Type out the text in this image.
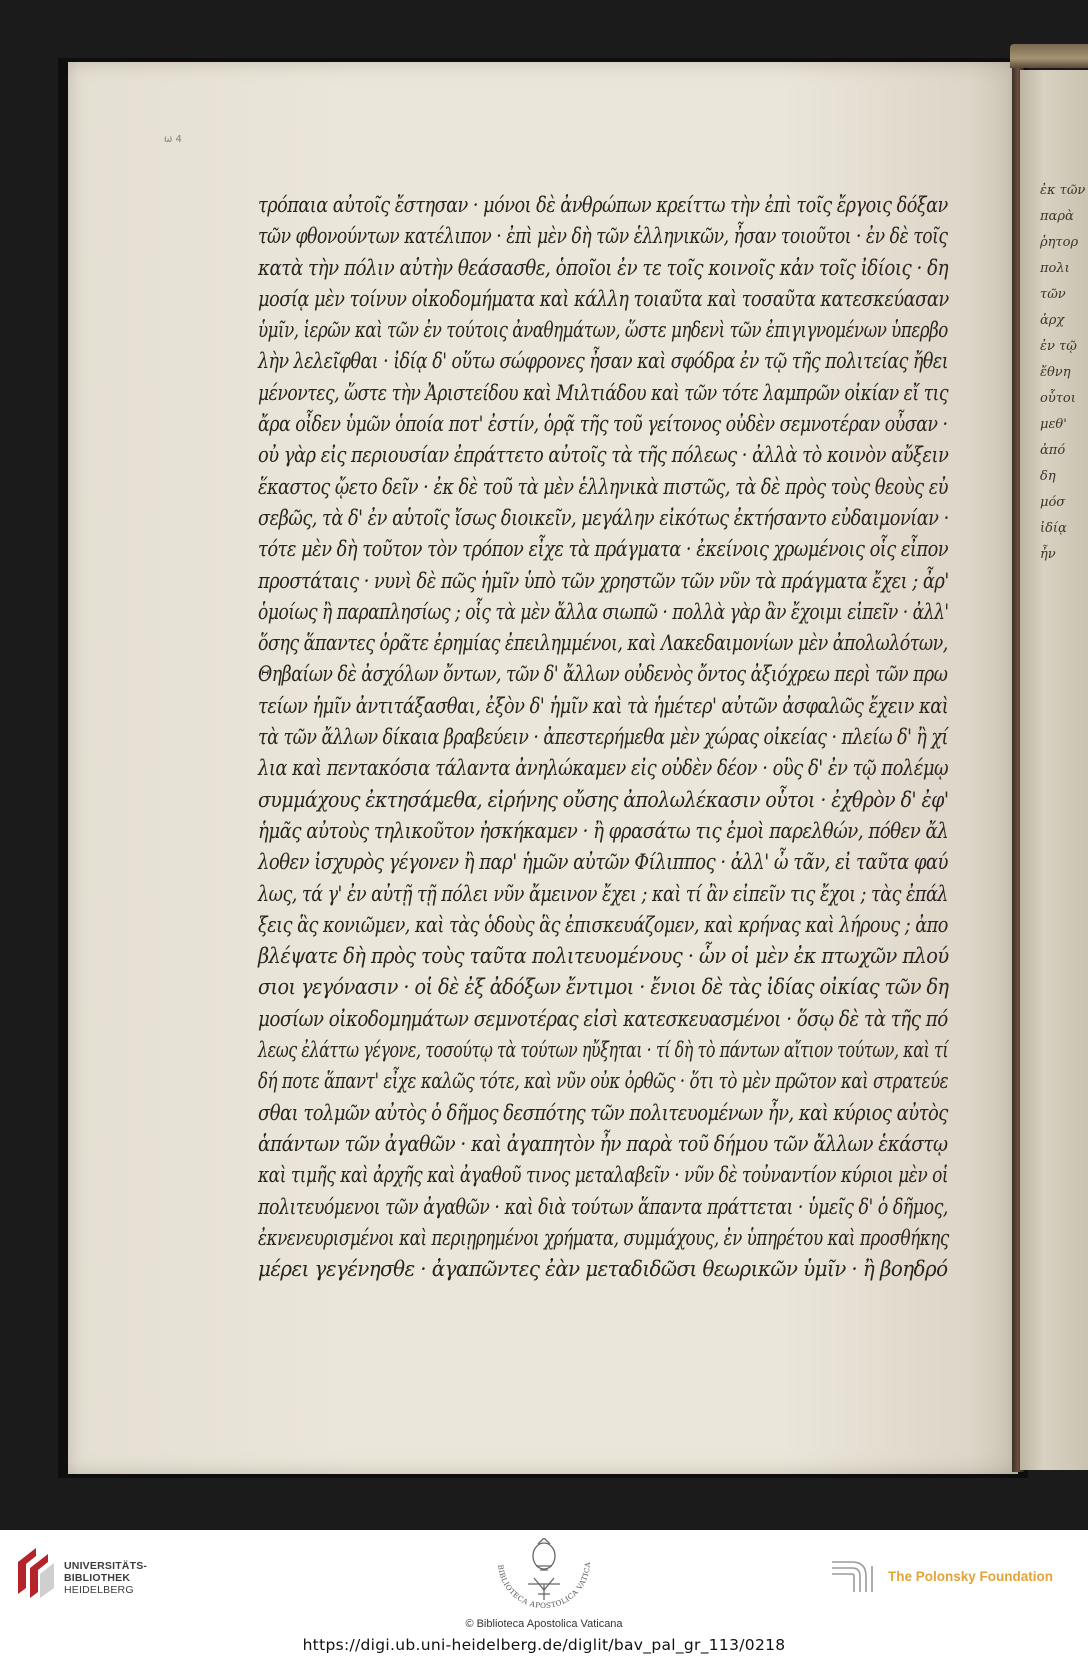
ω 4
ἐκ τῶν
παρὰ
ῥητορ
πολι
τῶν
ἀρχ
ἐν τῷ
ἔθνη
οὗτοι
μεθ'
ἀπό
δη
μόσ
ἰδίᾳ
ἦν
τρόπαια αὐτοῖς ἔστησαν · μόνοι δὲ ἀνθρώπων κρείττω τὴν ἐπὶ τοῖς ἔργοις δόξαν
τῶν φθονούντων κατέλιπον · ἐπὶ μὲν δὴ τῶν ἑλληνικῶν, ἦσαν τοιοῦτοι · ἐν δὲ τοῖς
κατὰ τὴν πόλιν αὐτὴν θεάσασθε, ὁποῖοι ἐν τε τοῖς κοινοῖς κἀν τοῖς ἰδίοις · δη
μοσίᾳ μὲν τοίνυν οἰκοδομήματα καὶ κάλλη τοιαῦτα καὶ τοσαῦτα κατεσκεύασαν
ὑμῖν, ἱερῶν καὶ τῶν ἐν τούτοις ἀναθημάτων, ὥστε μηδενὶ τῶν ἐπιγιγνομένων ὑπερβο
λὴν λελεῖφθαι · ἰδίᾳ δ' οὕτω σώφρονες ἦσαν καὶ σφόδρα ἐν τῷ τῆς πολιτείας ἤθει
μένοντες, ὥστε τὴν Ἀριστείδου καὶ Μιλτιάδου καὶ τῶν τότε λαμπρῶν οἰκίαν εἴ τις
ἄρα οἶδεν ὑμῶν ὁποία ποτ' ἐστίν, ὁρᾷ τῆς τοῦ γείτονος οὐδὲν σεμνοτέραν οὖσαν ·
οὐ γὰρ εἰς περιουσίαν ἐπράττετο αὐτοῖς τὰ τῆς πόλεως · ἀλλὰ τὸ κοινὸν αὔξειν
ἕκαστος ᾤετο δεῖν · ἐκ δὲ τοῦ τὰ μὲν ἑλληνικὰ πιστῶς, τὰ δὲ πρὸς τοὺς θεοὺς εὐ
σεβῶς, τὰ δ' ἐν αὑτοῖς ἴσως διοικεῖν, μεγάλην εἰκότως ἐκτήσαντο εὐδαιμονίαν ·
τότε μὲν δὴ τοῦτον τὸν τρόπον εἶχε τὰ πράγματα · ἐκείνοις χρωμένοις οἷς εἶπον
προστάταις · νυνὶ δὲ πῶς ἡμῖν ὑπὸ τῶν χρηστῶν τῶν νῦν τὰ πράγματα ἔχει ; ἆρ'
ὁμοίως ἢ παραπλησίως ; οἷς τὰ μὲν ἄλλα σιωπῶ · πολλὰ γὰρ ἂν ἔχοιμι εἰπεῖν · ἀλλ'
ὅσης ἅπαντες ὁρᾶτε ἐρημίας ἐπειλημμένοι, καὶ Λακεδαιμονίων μὲν ἀπολωλότων,
Θηβαίων δὲ ἀσχόλων ὄντων, τῶν δ' ἄλλων οὐδενὸς ὄντος ἀξιόχρεω περὶ τῶν πρω
τείων ἡμῖν ἀντιτάξασθαι, ἐξὸν δ' ἡμῖν καὶ τὰ ἡμέτερ' αὐτῶν ἀσφαλῶς ἔχειν καὶ
τὰ τῶν ἄλλων δίκαια βραβεύειν · ἀπεστερήμεθα μὲν χώρας οἰκείας · πλείω δ' ἢ χί
λια καὶ πεντακόσια τάλαντα ἀνηλώκαμεν εἰς οὐδὲν δέον · οὓς δ' ἐν τῷ πολέμῳ
συμμάχους ἐκτησάμεθα, εἰρήνης οὔσης ἀπολωλέκασιν οὗτοι · ἐχθρὸν δ' ἐφ'
ἡμᾶς αὐτοὺς τηλικοῦτον ἠσκήκαμεν · ἢ φρασάτω τις ἐμοὶ παρελθών, πόθεν ἄλ
λοθεν ἰσχυρὸς γέγονεν ἢ παρ' ἡμῶν αὐτῶν Φίλιππος · ἀλλ' ὦ τᾶν, εἰ ταῦτα φαύ
λως, τά γ' ἐν αὐτῇ τῇ πόλει νῦν ἄμεινον ἔχει ; καὶ τί ἂν εἰπεῖν τις ἔχοι ; τὰς ἐπάλ
ξεις ἃς κονιῶμεν, καὶ τὰς ὁδοὺς ἃς ἐπισκευάζομεν, καὶ κρήνας καὶ λήρους ; ἀπο
βλέψατε δὴ πρὸς τοὺς ταῦτα πολιτευομένους · ὧν οἱ μὲν ἐκ πτωχῶν πλού
σιοι γεγόνασιν · οἱ δὲ ἐξ ἀδόξων ἔντιμοι · ἔνιοι δὲ τὰς ἰδίας οἰκίας τῶν δη
μοσίων οἰκοδομημάτων σεμνοτέρας εἰσὶ κατεσκευασμένοι · ὅσῳ δὲ τὰ τῆς πό
λεως ἐλάττω γέγονε, τοσούτῳ τὰ τούτων ηὔξηται · τί δὴ τὸ πάντων αἴτιον τούτων, καὶ τί
δή ποτε ἅπαντ' εἶχε καλῶς τότε, καὶ νῦν οὐκ ὀρθῶς · ὅτι τὸ μὲν πρῶτον καὶ στρατεύε
σθαι τολμῶν αὐτὸς ὁ δῆμος δεσπότης τῶν πολιτευομένων ἦν, καὶ κύριος αὐτὸς
ἁπάντων τῶν ἀγαθῶν · καὶ ἀγαπητὸν ἦν παρὰ τοῦ δήμου τῶν ἄλλων ἑκάστῳ
καὶ τιμῆς καὶ ἀρχῆς καὶ ἀγαθοῦ τινος μεταλαβεῖν · νῦν δὲ τοὐναντίον κύριοι μὲν οἱ
πολιτευόμενοι τῶν ἀγαθῶν · καὶ διὰ τούτων ἅπαντα πράττεται · ὑμεῖς δ' ὁ δῆμος,
ἐκνενευρισμένοι καὶ περιῃρημένοι χρήματα, συμμάχους, ἐν ὑπηρέτου καὶ προσθήκης
μέρει γεγένησθε · ἀγαπῶντες ἐὰν μεταδιδῶσι θεωρικῶν ὑμῖν · ἢ βοηδρό
UNIVERSITÄTS-
BIBLIOTHEK
HEIDELBERG
BIBLIOTECA APOSTOLICA VATICA
© Biblioteca Apostolica Vaticana
The Polonsky Foundation
https://digi.ub.uni-heidelberg.de/diglit/bav_pal_gr_113/0218
